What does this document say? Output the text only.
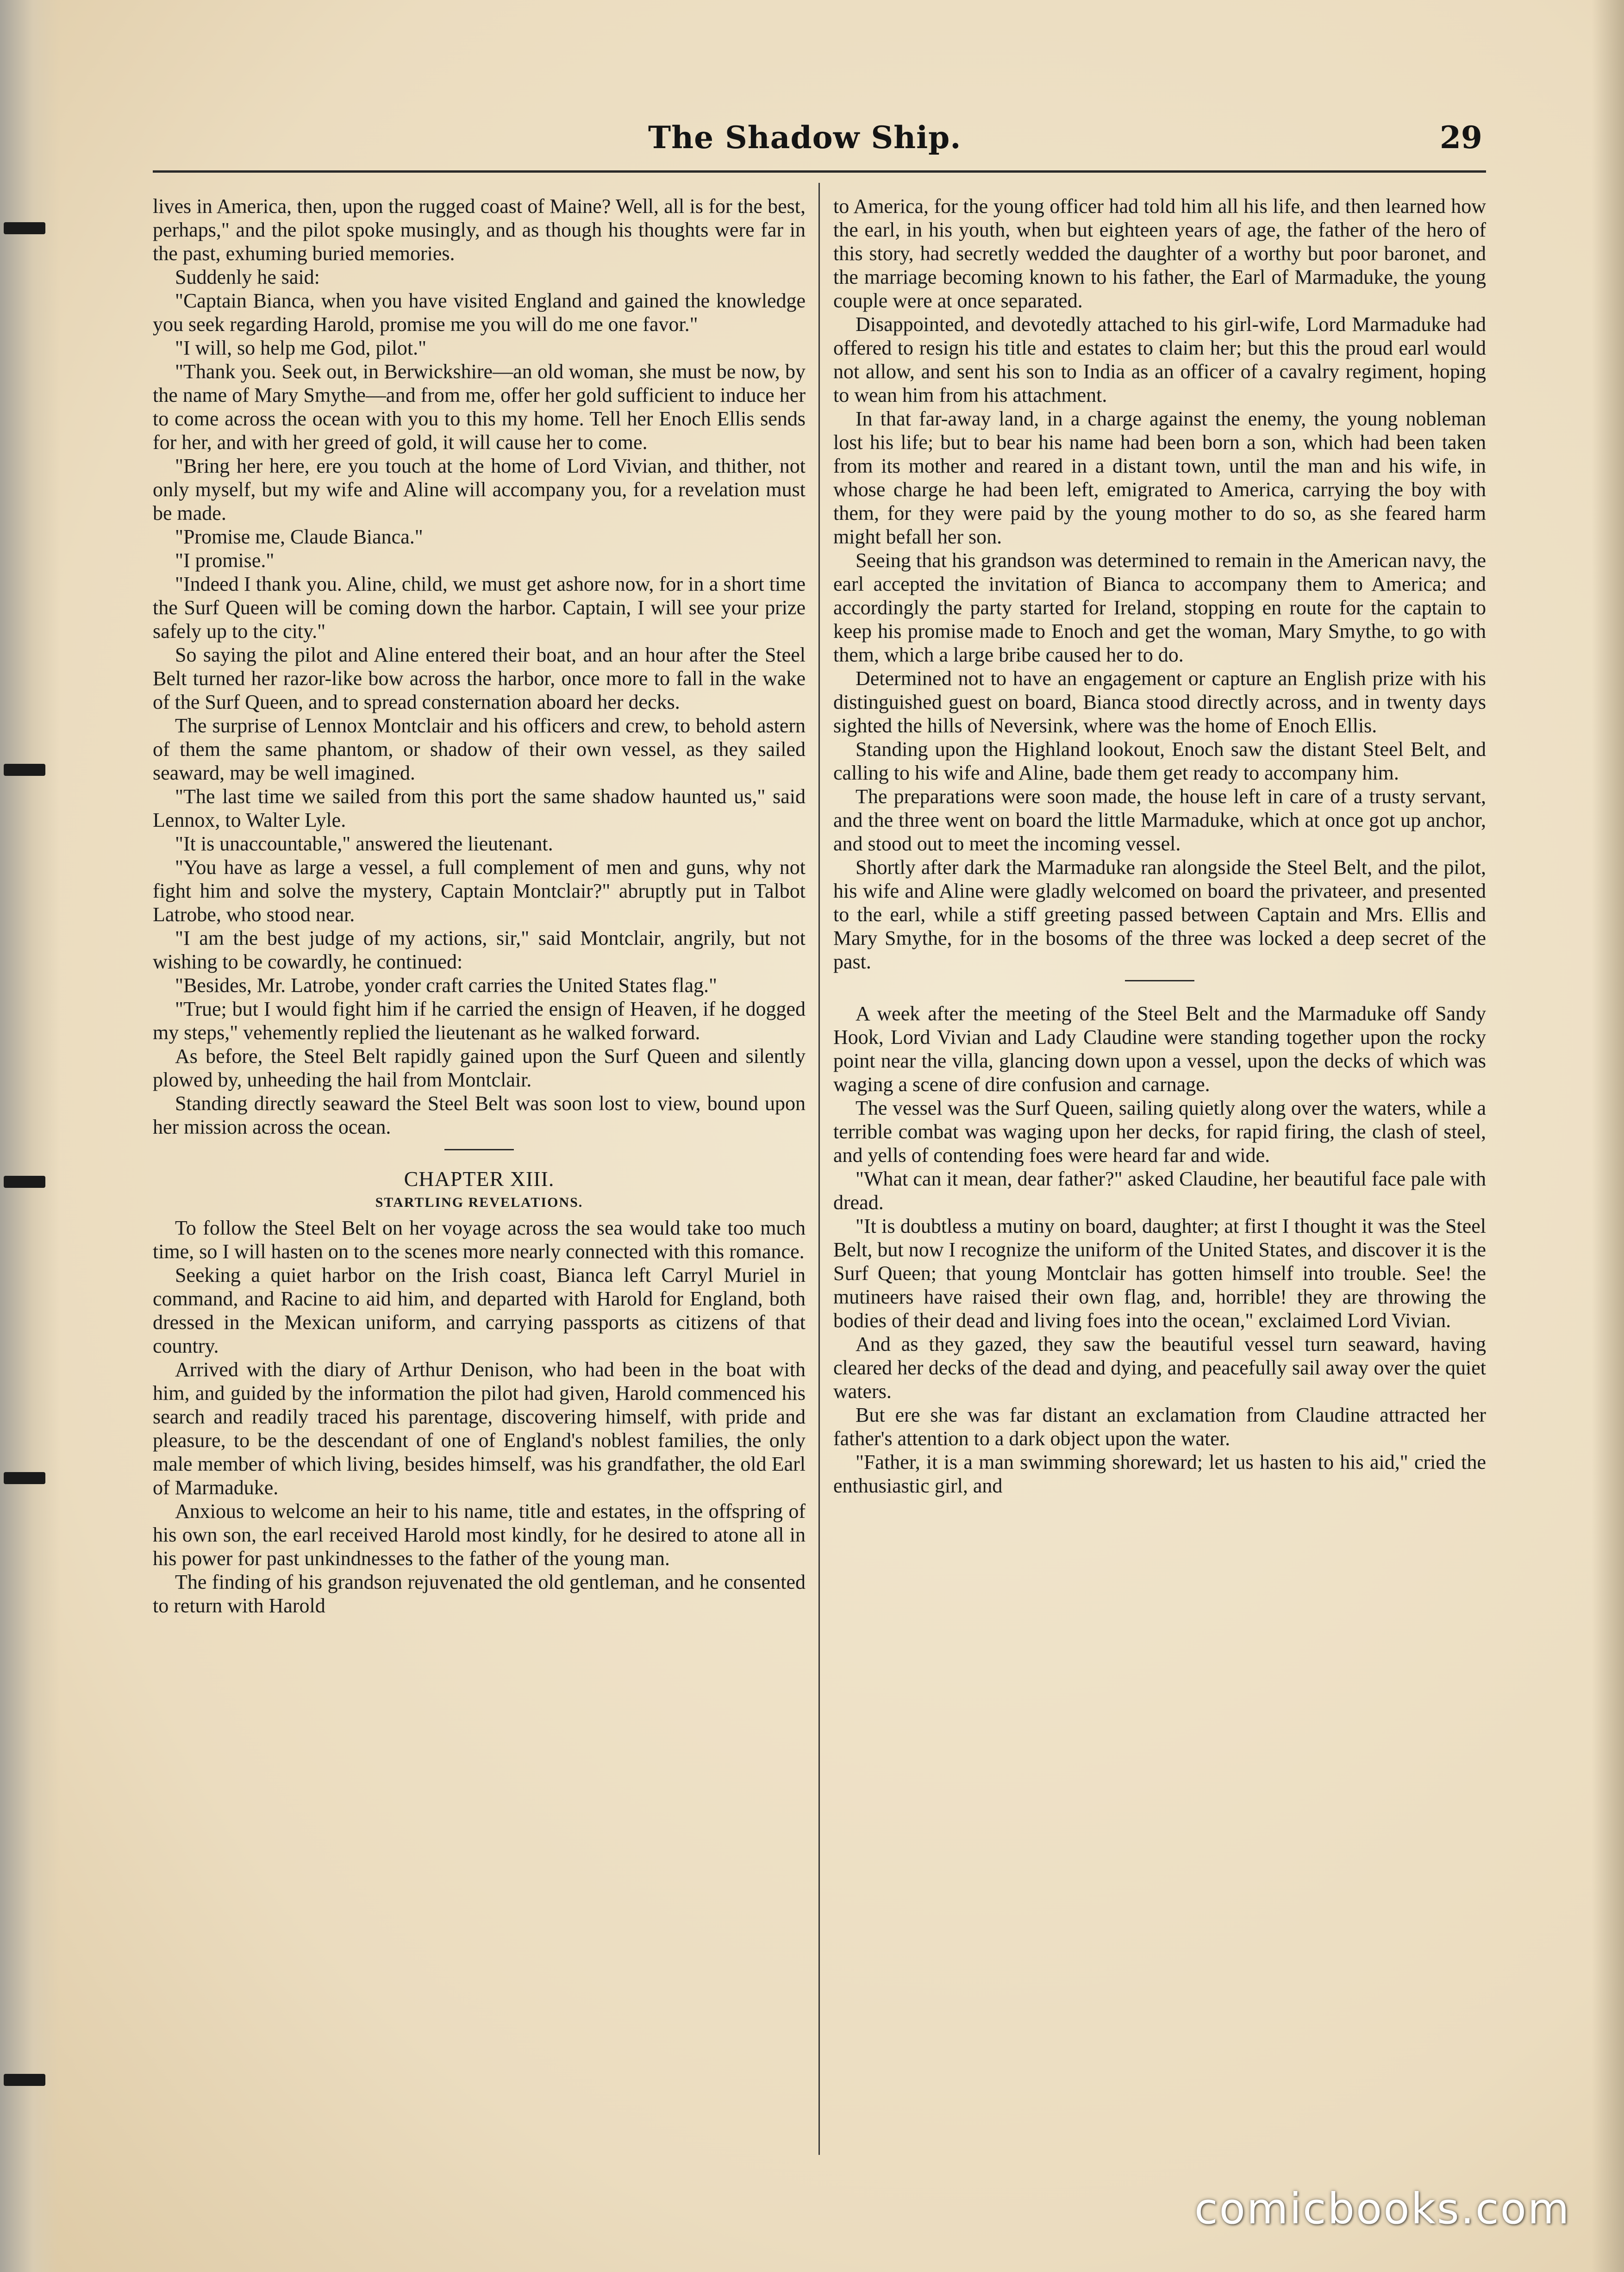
The Shadow Ship.	29

lives in America, then, upon the rugged coast of Maine? Well, all is for the best, perhaps," and the pilot spoke musingly, and as though his thoughts were far in the past, exhuming buried memories.

Suddenly he said:

"Captain Bianca, when you have visited England and gained the knowledge you seek regarding Harold, promise me you will do me one favor."

"I will, so help me God, pilot."

"Thank you. Seek out, in Berwickshire—an old woman, she must be now, by the name of Mary Smythe—and from me, offer her gold sufficient to induce her to come across the ocean with you to this my home. Tell her Enoch Ellis sends for her, and with her greed of gold, it will cause her to come.

"Bring her here, ere you touch at the home of Lord Vivian, and thither, not only myself, but my wife and Aline will accompany you, for a revelation must be made.

"Promise me, Claude Bianca."

"I promise."

"Indeed I thank you. Aline, child, we must get ashore now, for in a short time the Surf Queen will be coming down the harbor. Captain, I will see your prize safely up to the city."

So saying the pilot and Aline entered their boat, and an hour after the Steel Belt turned her razor-like bow across the harbor, once more to fall in the wake of the Surf Queen, and to spread consternation aboard her decks.

The surprise of Lennox Montclair and his officers and crew, to behold astern of them the same phantom, or shadow of their own vessel, as they sailed seaward, may be well imagined.

"The last time we sailed from this port the same shadow haunted us," said Lennox, to Walter Lyle.

"It is unaccountable," answered the lieutenant.

"You have as large a vessel, a full complement of men and guns, why not fight him and solve the mystery, Captain Montclair?" abruptly put in Talbot Latrobe, who stood near.

"I am the best judge of my actions, sir," said Montclair, angrily, but not wishing to be cowardly, he continued:

"Besides, Mr. Latrobe, yonder craft carries the United States flag."

"True; but I would fight him if he carried the ensign of Heaven, if he dogged my steps," vehemently replied the lieutenant as he walked forward.

As before, the Steel Belt rapidly gained upon the Surf Queen and silently plowed by, unheeding the hail from Montclair.

Standing directly seaward the Steel Belt was soon lost to view, bound upon her mission across the ocean.

CHAPTER XIII.
STARTLING REVELATIONS.

To follow the Steel Belt on her voyage across the sea would take too much time, so I will hasten on to the scenes more nearly connected with this romance.

Seeking a quiet harbor on the Irish coast, Bianca left Carryl Muriel in command, and Racine to aid him, and departed with Harold for England, both dressed in the Mexican uniform, and carrying passports as citizens of that country.

Arrived with the diary of Arthur Denison, who had been in the boat with him, and guided by the information the pilot had given, Harold commenced his search and readily traced his parentage, discovering himself, with pride and pleasure, to be the descendant of one of England's noblest families, the only male member of which living, besides himself, was his grandfather, the old Earl of Marmaduke.

Anxious to welcome an heir to his name, title and estates, in the offspring of his own son, the earl received Harold most kindly, for he desired to atone all in his power for past unkindnesses to the father of the young man.

The finding of his grandson rejuvenated the old gentleman, and he consented to return with Harold

to America, for the young officer had told him all his life, and then learned how the earl, in his youth, when but eighteen years of age, the father of the hero of this story, had secretly wedded the daughter of a worthy but poor baronet, and the marriage becoming known to his father, the Earl of Marmaduke, the young couple were at once separated.

Disappointed, and devotedly attached to his girl-wife, Lord Marmaduke had offered to resign his title and estates to claim her; but this the proud earl would not allow, and sent his son to India as an officer of a cavalry regiment, hoping to wean him from his attachment.

In that far-away land, in a charge against the enemy, the young nobleman lost his life; but to bear his name had been born a son, which had been taken from its mother and reared in a distant town, until the man and his wife, in whose charge he had been left, emigrated to America, carrying the boy with them, for they were paid by the young mother to do so, as she feared harm might befall her son.

Seeing that his grandson was determined to remain in the American navy, the earl accepted the invitation of Bianca to accompany them to America; and accordingly the party started for Ireland, stopping en route for the captain to keep his promise made to Enoch and get the woman, Mary Smythe, to go with them, which a large bribe caused her to do.

Determined not to have an engagement or capture an English prize with his distinguished guest on board, Bianca stood directly across, and in twenty days sighted the hills of Neversink, where was the home of Enoch Ellis.

Standing upon the Highland lookout, Enoch saw the distant Steel Belt, and calling to his wife and Aline, bade them get ready to accompany him.

The preparations were soon made, the house left in care of a trusty servant, and the three went on board the little Marmaduke, which at once got up anchor, and stood out to meet the incoming vessel.

Shortly after dark the Marmaduke ran alongside the Steel Belt, and the pilot, his wife and Aline were gladly welcomed on board the privateer, and presented to the earl, while a stiff greeting passed between Captain and Mrs. Ellis and Mary Smythe, for in the bosoms of the three was locked a deep secret of the past.

A week after the meeting of the Steel Belt and the Marmaduke off Sandy Hook, Lord Vivian and Lady Claudine were standing together upon the rocky point near the villa, glancing down upon a vessel, upon the decks of which was waging a scene of dire confusion and carnage.

The vessel was the Surf Queen, sailing quietly along over the waters, while a terrible combat was waging upon her decks, for rapid firing, the clash of steel, and yells of contending foes were heard far and wide.

"What can it mean, dear father?" asked Claudine, her beautiful face pale with dread.

"It is doubtless a mutiny on board, daughter; at first I thought it was the Steel Belt, but now I recognize the uniform of the United States, and discover it is the Surf Queen; that young Montclair has gotten himself into trouble. See! the mutineers have raised their own flag, and, horrible! they are throwing the bodies of their dead and living foes into the ocean," exclaimed Lord Vivian.

And as they gazed, they saw the beautiful vessel turn seaward, having cleared her decks of the dead and dying, and peacefully sail away over the quiet waters.

But ere she was far distant an exclamation from Claudine attracted her father's attention to a dark object upon the water.

"Father, it is a man swimming shoreward; let us hasten to his aid," cried the enthusiastic girl, and

comicbooks.com
